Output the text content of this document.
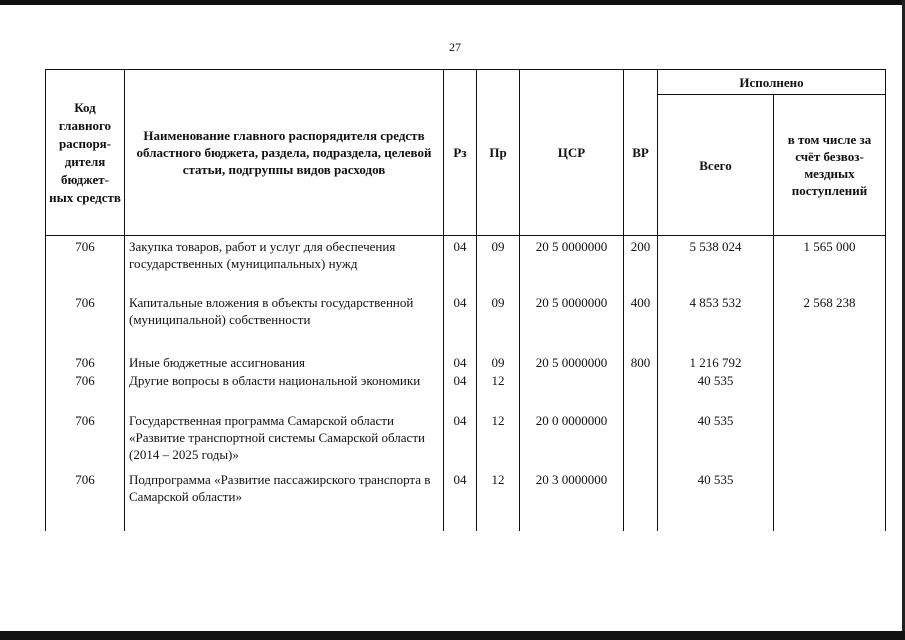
27
Код главного распоря-дителя бюджет-ных средств	Наименование главного распорядителя средств областного бюджета, раздела, подраздела, целевой статьи, подгруппы видов расходов	Рз	Пр	ЦСР	ВР	Исполнено	
						Всего	в том числе за счёт безвоз-мездных поступлений
706	Закупка товаров, работ и услуг для обеспечения государственных (муниципальных) нужд	04	09	20 5 0000000	200	5 538 024	1 565 000
706	Капитальные вложения в объекты государственной (муниципальной) собственности	04	09	20 5 0000000	400	4 853 532	2 568 238
706	Иные бюджетные ассигнования	04	09	20 5 0000000	800	1 216 792	
706	Другие вопросы в области национальной экономики	04	12			40 535	
706	Государственная программа Самарской области «Развитие транспортной системы Самарской области (2014 – 2025 годы)»	04	12	20 0 0000000		40 535	
706	Подпрограмма «Развитие пассажирского транспорта в Самарской области»	04	12	20 3 0000000		40 535	
